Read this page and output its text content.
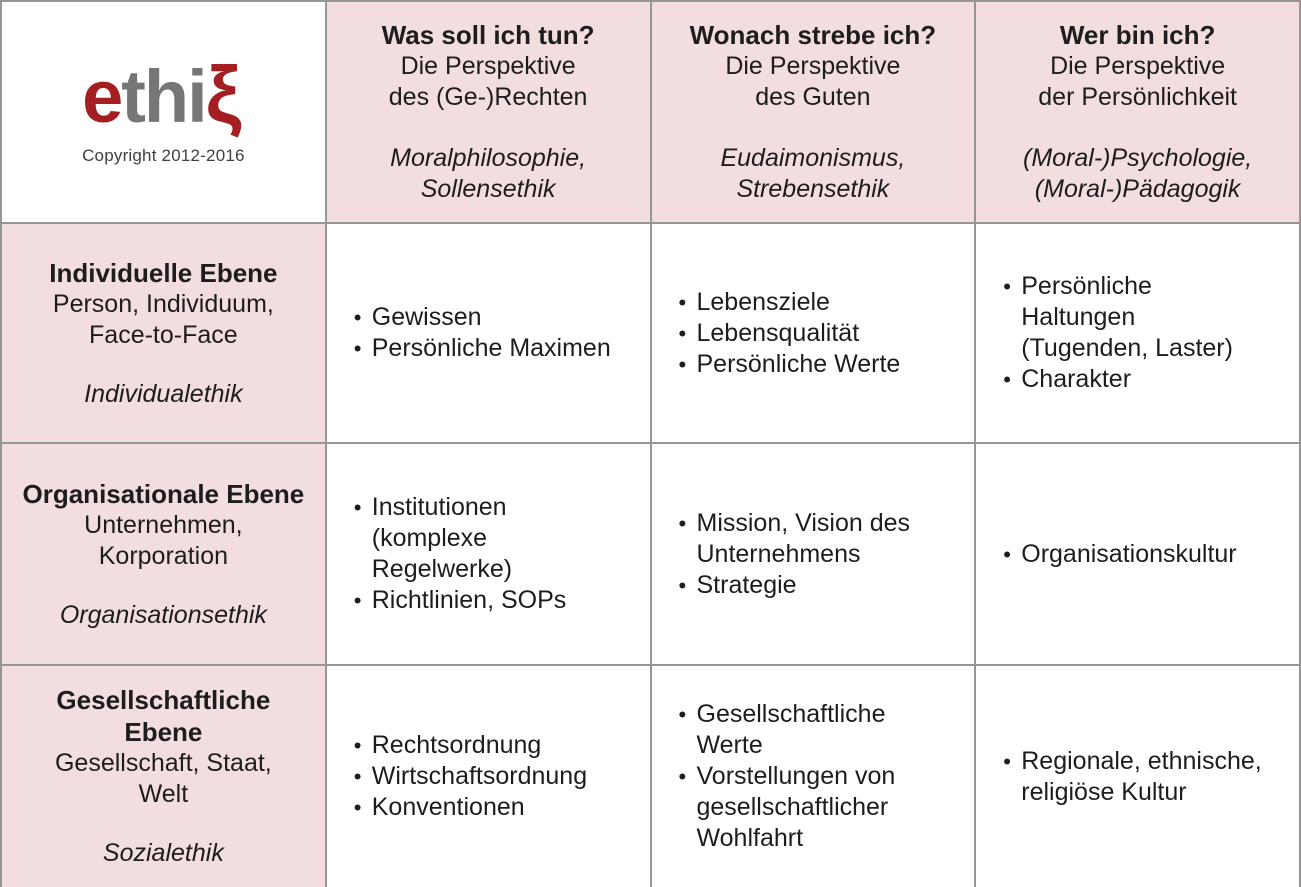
ethiξ
Copyright 2012-2016
Was soll ich tun?
Die Perspektive
des (Ge-)Rechten
Moralphilosophie,
Sollensethik
Wonach strebe ich?
Die Perspektive
des Guten
Eudaimonismus,
Strebensethik
Wer bin ich?
Die Perspektive
der Persönlichkeit
(Moral-)Psychologie,
(Moral-)Pädagogik
Individuelle Ebene
Person, Individuum,
Face-to-Face
Individualethik
• Gewissen
• Persönliche Maximen
• Lebensziele
• Lebensqualität
• Persönliche Werte
• Persönliche Haltungen (Tugenden, Laster)
• Charakter
Organisationale Ebene
Unternehmen,
Korporation
Organisationsethik
• Institutionen (komplexe Regelwerke)
• Richtlinien, SOPs
• Mission, Vision des Unternehmens
• Strategie
• Organisationskultur
Gesellschaftliche Ebene
Gesellschaft, Staat,
Welt
Sozialethik
• Rechtsordnung
• Wirtschaftsordnung
• Konventionen
• Gesellschaftliche Werte
• Vorstellungen von gesellschaftlicher Wohlfahrt
• Regionale, ethnische, religiöse Kultur
